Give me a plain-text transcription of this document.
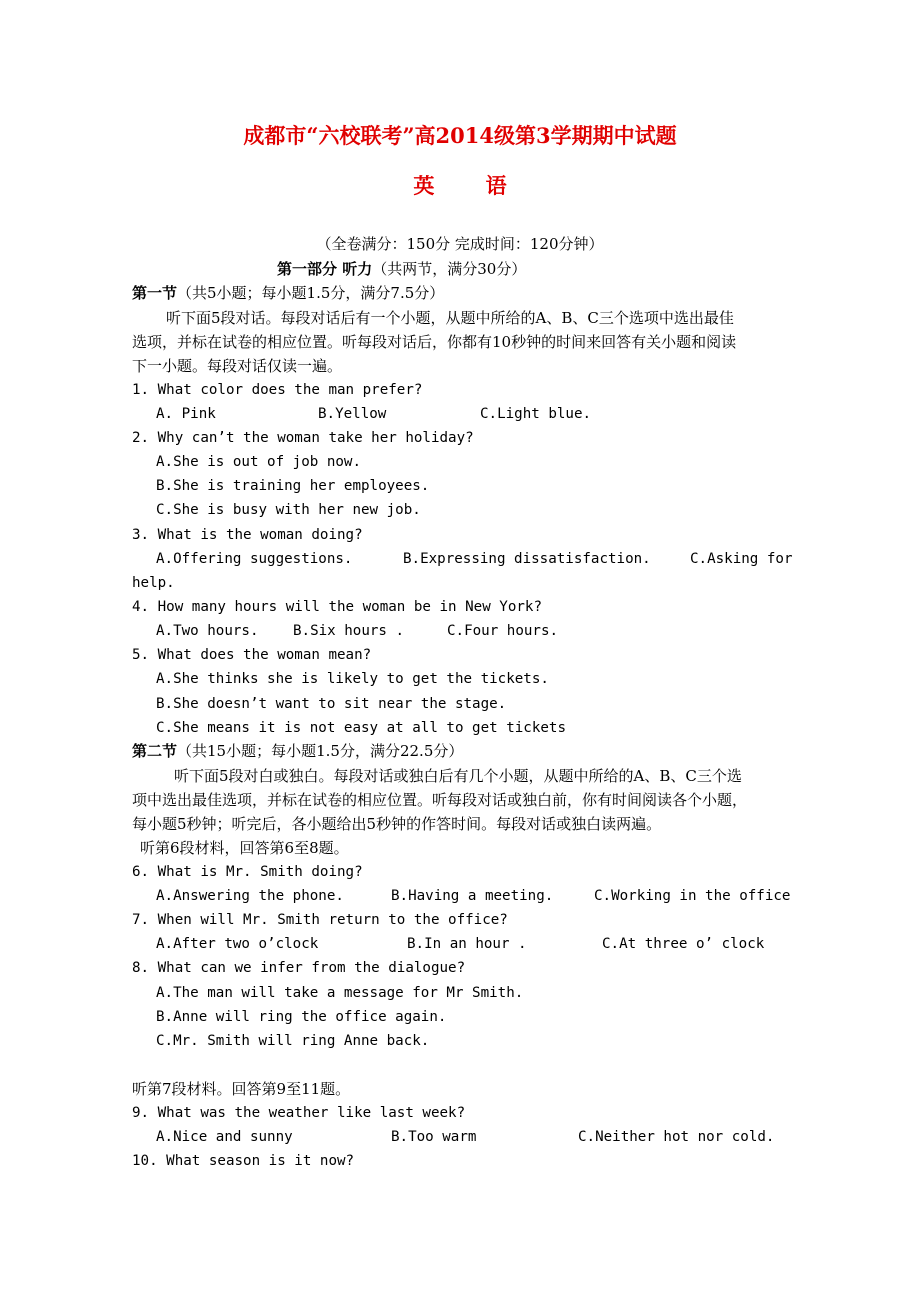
成都市“六校联考”高2014级第3学期期中试题
英 语
（全卷满分：150分 完成时间：120分钟）
第一部分 听力（共两节，满分30分）
第一节（共5小题；每小题1.5分，满分7.5分）
听下面5段对话。每段对话后有一个小题，从题中所给的A、B、C三个选项中选出最佳
选项，并标在试卷的相应位置。听每段对话后，你都有10秒钟的时间来回答有关小题和阅读
下一小题。每段对话仅读一遍。
1. What color does the man prefer?
A. Pink	B.Yellow	C.Light blue.
2. Why can’t the woman take her holiday?
A.She is out of job now.
B.She is training her employees.
C.She is busy with her new job.
3. What is the woman doing?
A.Offering suggestions.	B.Expressing dissatisfaction.	C.Asking for
help.
4. How many hours will the woman be in New York?
A.Two hours. B.Six hours .	C.Four hours.
5. What does the woman mean?
A.She thinks she is likely to get the tickets.
B.She doesn’t want to sit near the stage.
C.She means it is not easy at all to get tickets
第二节（共15小题；每小题1.5分，满分22.5分）
听下面5段对白或独白。每段对话或独白后有几个小题，从题中所给的A、B、C三个选
项中选出最佳选项，并标在试卷的相应位置。听每段对话或独白前，你有时间阅读各个小题，
每小题5秒钟；听完后，各小题给出5秒钟的作答时间。每段对话或独白读两遍。
听第6段材料，回答第6至8题。
6. What is Mr. Smith doing?
A.Answering the phone.	B.Having a meeting.	C.Working in the office
7. When will Mr. Smith return to the office?
A.After two o’clock	B.In an hour .	C.At three o’ clock
8. What can we infer from the dialogue?
A.The man will take a message for Mr Smith.
B.Anne will ring the office again.
C.Mr. Smith will ring Anne back.
听第7段材料。回答第9至11题。
9. What was the weather like last week?
A.Nice and sunny	B.Too warm	C.Neither hot nor cold.
10. What season is it now?
